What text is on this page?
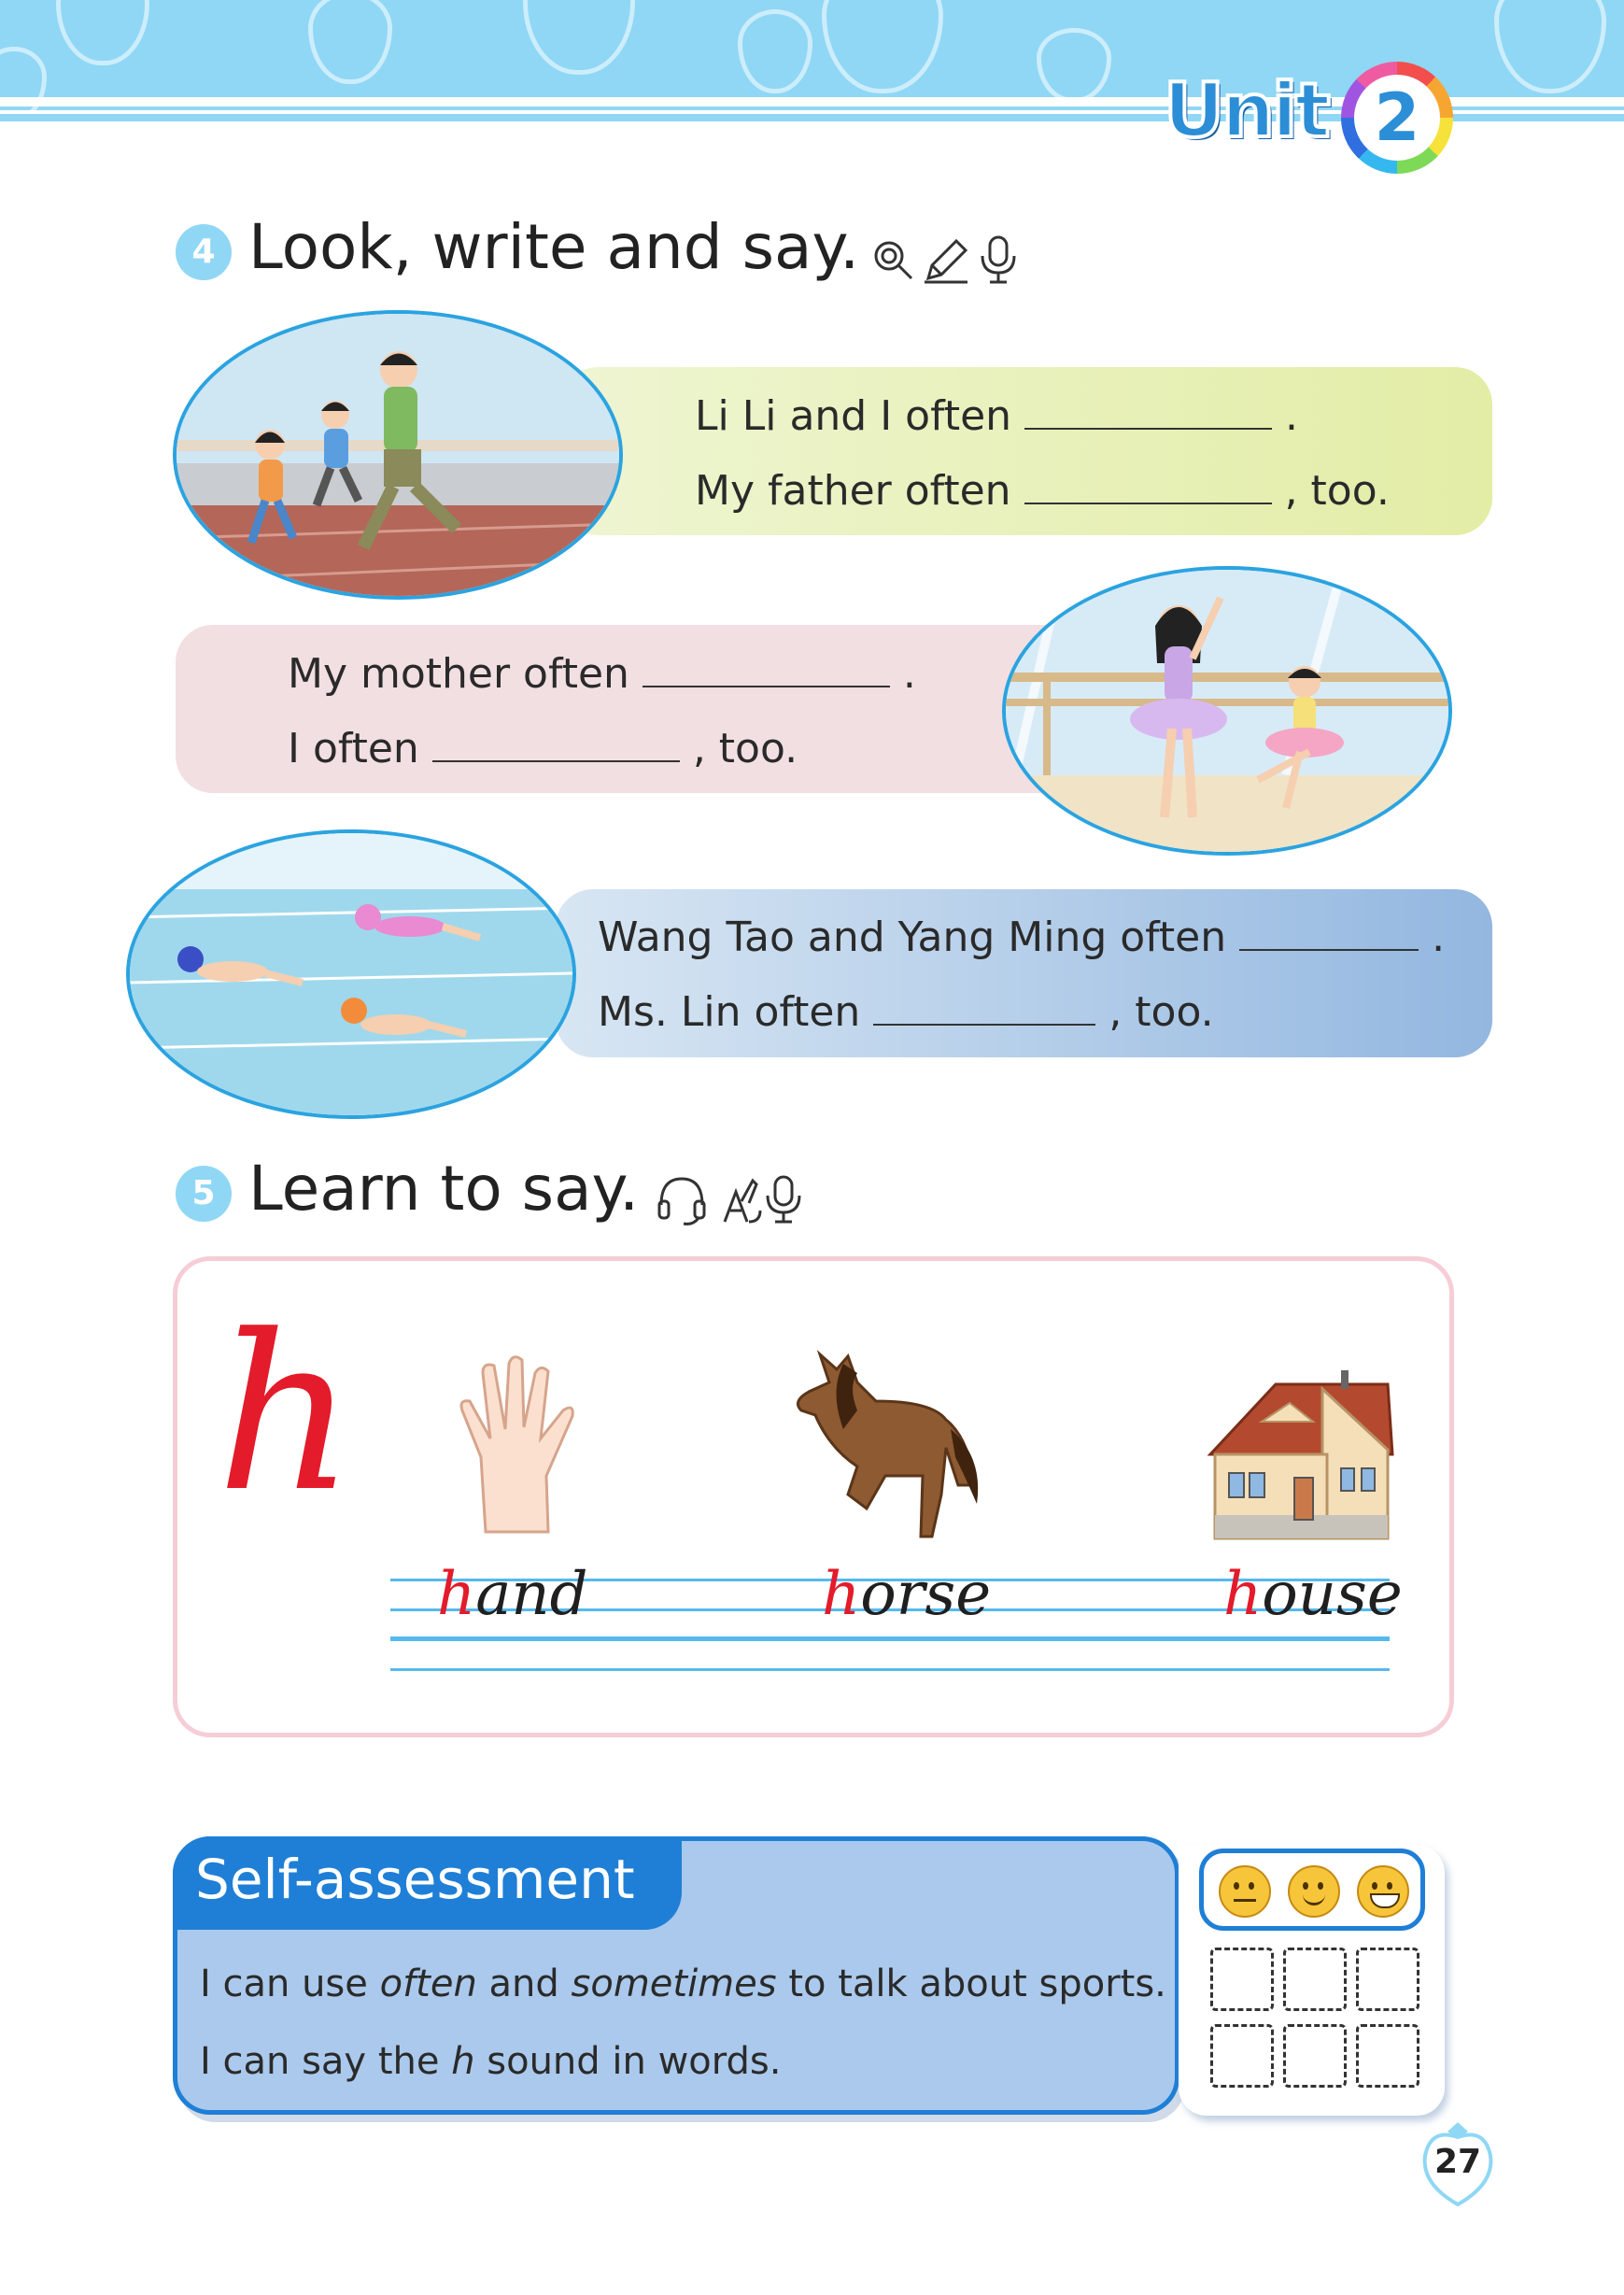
Unit 2
4 Look, write and say.
Li Li and I often	.
My father often	, too.
My mother often	.
I often	, too.
Wang Tao and Yang Ming often	.
Ms. Lin often	, too.
5 Learn to say.
h
hand	horse	house
Self-assessment
I can use often and sometimes to talk about sports.
I can say the h sound in words.
27
